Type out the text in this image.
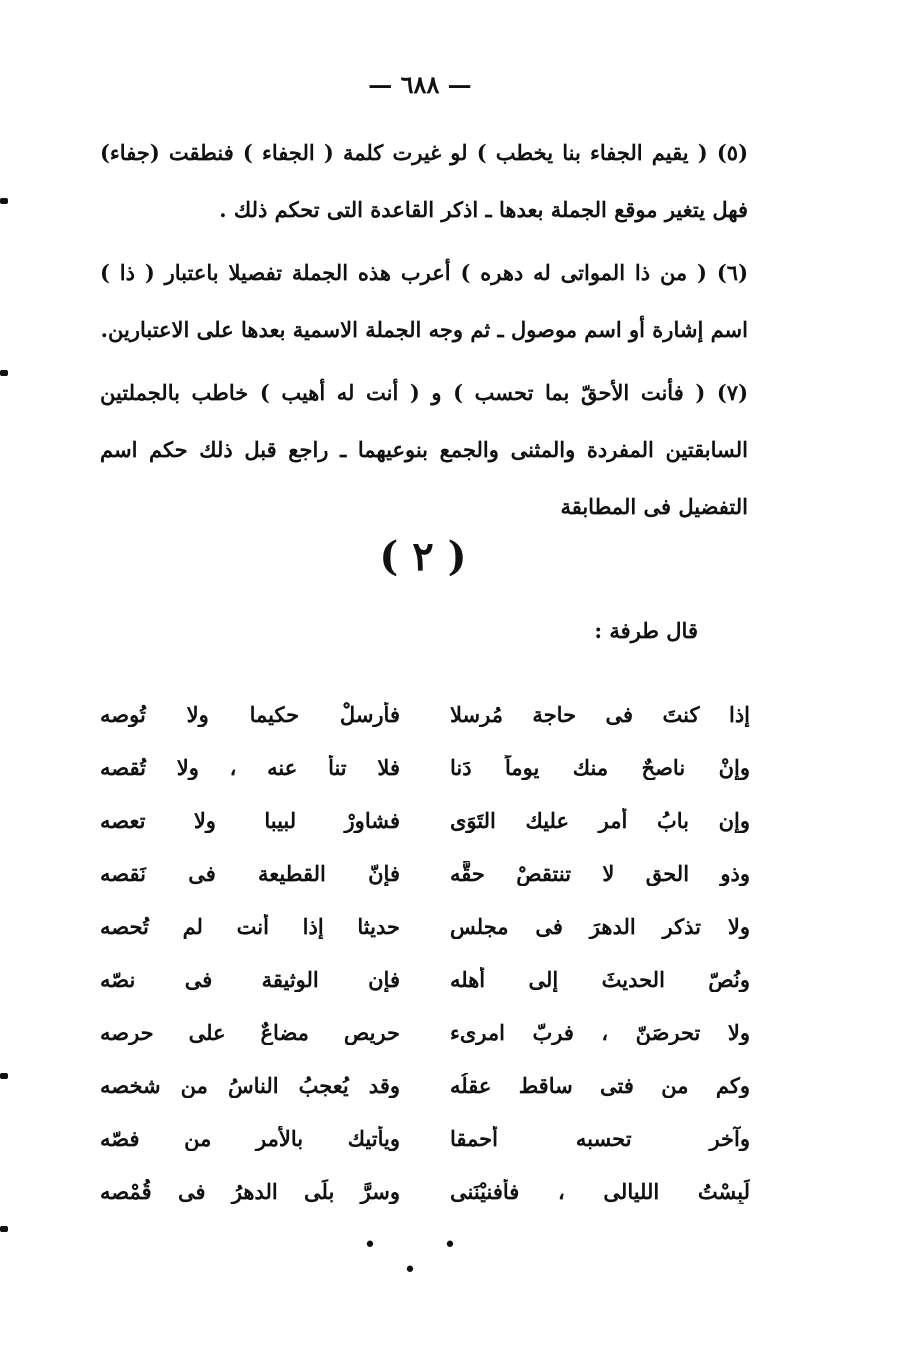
— ٦٨٨ —

(٥) ( يقيم الجفاء بنا يخطب ) لو غيرت كلمة ( الجفاء ) فنطقت (جفاء) فهل يتغير موقع الجملة بعدها ـ اذكر القاعدة التى تحكم ذلك .

(٦) ( من ذا المواتى له دهره ) أعرب هذه الجملة تفصيلا باعتبار ( ذا ) اسم إشارة أو اسم موصول ـ ثم وجه الجملة الاسمية بعدها على الاعتبارين.

(٧) ( فأنت الأحقّ بما تحسب ) و ( أنت له أهيب ) خاطب بالجملتين السابقتين المفردة والمثنى والجمع بنوعيهما ـ راجع قبل ذلك حكم اسم التفضيل فى المطابقة

( ٢ )
قال طرفة :
إذا كنتَ فى حاجة مُرسلا
فأرسلْ حكيما ولا تُوصه
وإنْ ناصحٌ منك يوماً دَنا
فلا تنأَ عنه ، ولا تُقصه
وإن بابُ أمر عليك التَوَى
فشاورْ لبيبا ولا تعصه
وذو الحق لا تنتقصْ حقَّه
فإنّ القطيعة فى نَقصه
ولا تذكر الدهرَ فى مجلس
حديثا إذا أنت لم تُحصه
ونُصّ الحديثَ إلى أهله
فإن الوثيقة فى نصّه
ولا تحرصَنّ ، فربّ امرىء
حريص مضاعٌ على حرصه
وكم من فتى ساقط عقلُه
وقد يُعجبُ الناسُ من شخصه
وآخر تحسبه أحمقا
ويأتيك بالأمر من فصّه
لَبِسْتُ الليالى ، فأفنيْنَنى
وسرَّ بلَى الدهرُ فى قُمْصه
• • •
